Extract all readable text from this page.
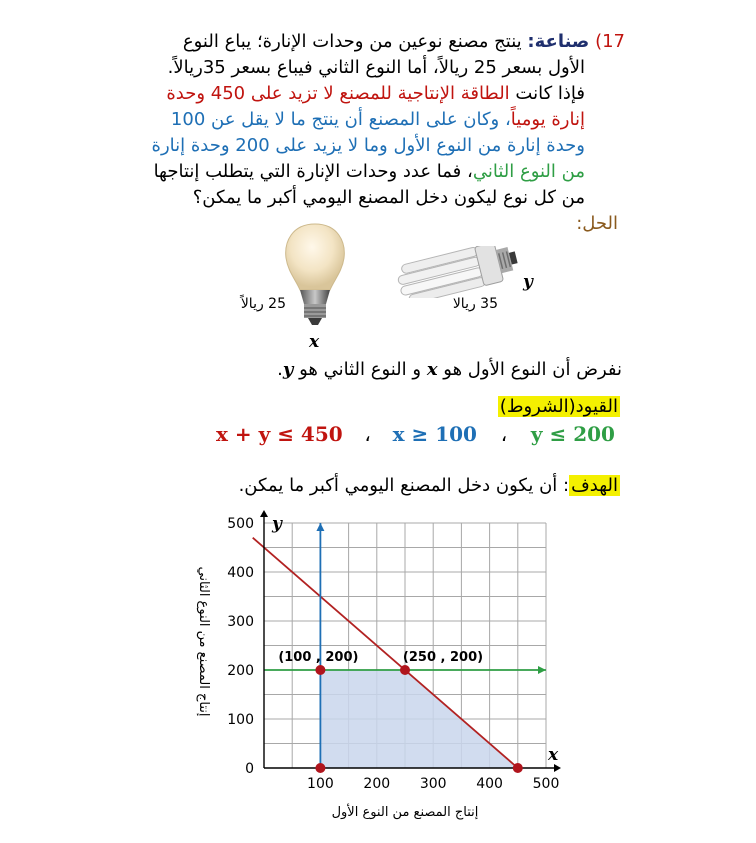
17) صناعة: ينتج مصنع نوعين من وحدات الإنارة؛ يباع النوع
الأول بسعر 25 ريالاً، أما النوع الثاني فيباع بسعر 35ريالاً.
فإذا كانت الطاقة الإنتاجية للمصنع لا تزيد على 450 وحدة
إنارة يومياً، وكان على المصنع أن ينتج ما لا يقل عن 100
وحدة إنارة من النوع الأول وما لا يزيد على 200 وحدة إنارة
من النوع الثاني، فما عدد وحدات الإنارة التي يتطلب إنتاجها
من كل نوع ليكون دخل المصنع اليومي أكبر ما يمكن؟
الحل:
25 ريالاً	35 ريالا
x
y
نفرض أن النوع الأول هو x و النوع الثاني هو y.
القيود(الشروط)
x + y ≤ 450 ، x ≥ 100 ، y ≤ 200
الهدف: أن يكون دخل المصنع اليومي أكبر ما يمكن.
100 200 300 400 500
0
100
200
300
400
500
(100 , 200)	(250 , 200)
x
y
إنتاج المصنع من النوع الأول
إنتاج المصنع من النوع الثاني
